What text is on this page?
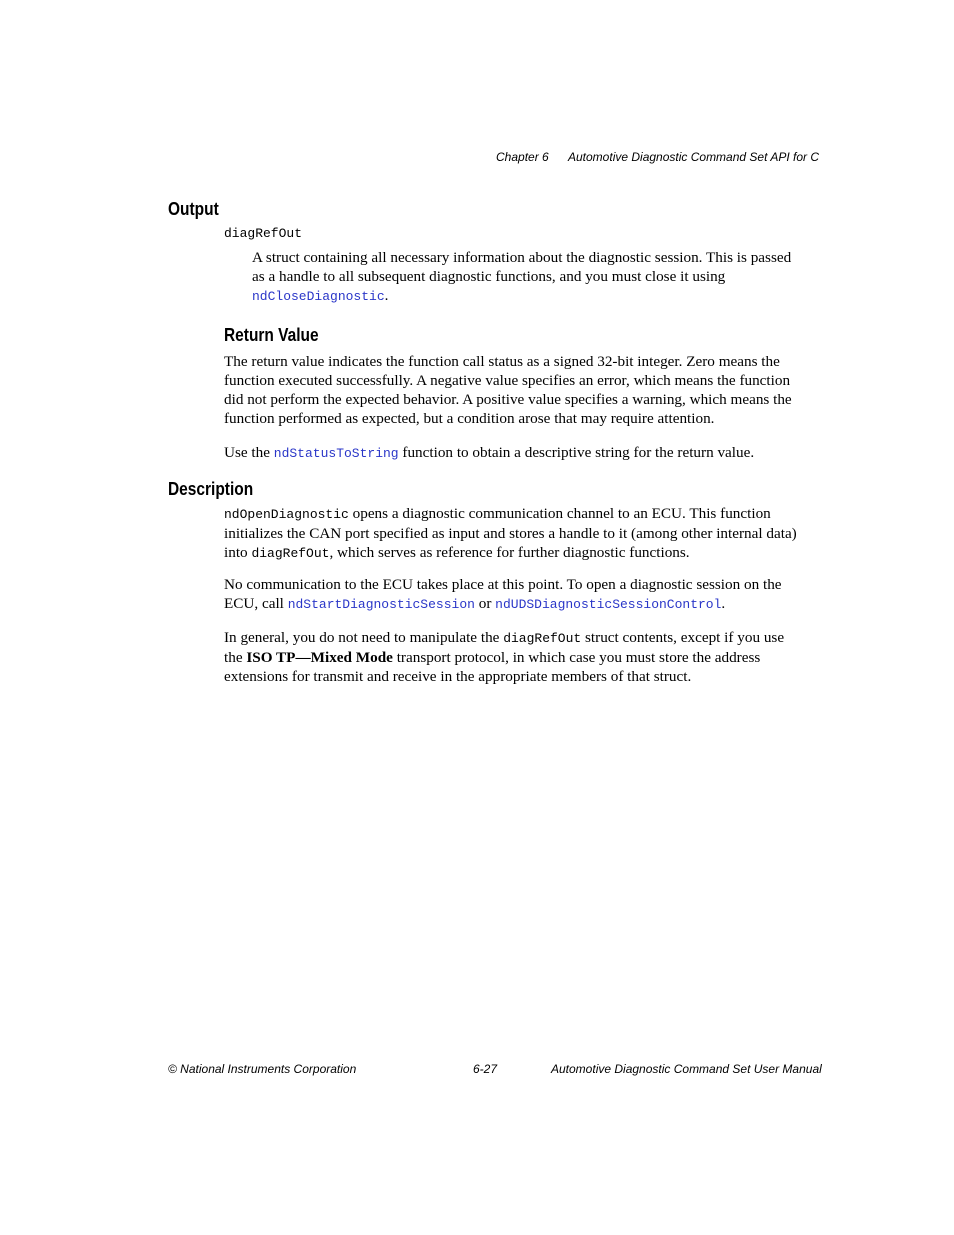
Chapter 6 Automotive Diagnostic Command Set API for C
Output
diagRefOut
A struct containing all necessary information about the diagnostic session. This is passed as a handle to all subsequent diagnostic functions, and you must close it using ndCloseDiagnostic.
Return Value
The return value indicates the function call status as a signed 32-bit integer. Zero means the function executed successfully. A negative value specifies an error, which means the function did not perform the expected behavior. A positive value specifies a warning, which means the function performed as expected, but a condition arose that may require attention.
Use the ndStatusToString function to obtain a descriptive string for the return value.
Description
ndOpenDiagnostic opens a diagnostic communication channel to an ECU. This function initializes the CAN port specified as input and stores a handle to it (among other internal data) into diagRefOut, which serves as reference for further diagnostic functions.
No communication to the ECU takes place at this point. To open a diagnostic session on the ECU, call ndStartDiagnosticSession or ndUDSDiagnosticSessionControl.
In general, you do not need to manipulate the diagRefOut struct contents, except if you use the ISO TP—Mixed Mode transport protocol, in which case you must store the address extensions for transmit and receive in the appropriate members of that struct.
© National Instruments Corporation	6-27	Automotive Diagnostic Command Set User Manual
